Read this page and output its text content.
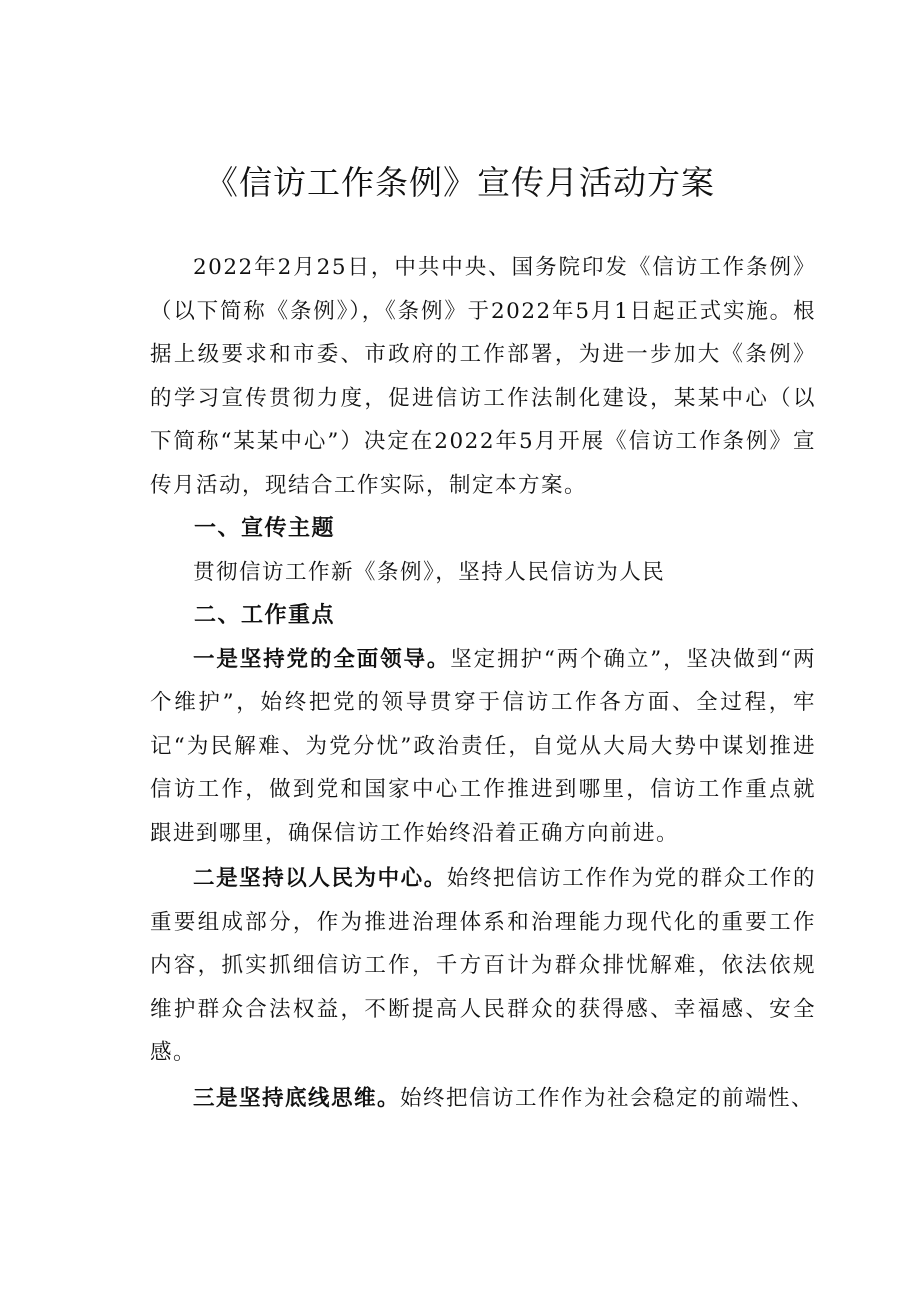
《信访工作条例》宣传月活动方案

2022年2月25日，中共中央、国务院印发《信访工作条例》（以下简称《条例》），《条例》于2022年5月1日起正式实施。根据上级要求和市委、市政府的工作部署，为进一步加大《条例》的学习宣传贯彻力度，促进信访工作法制化建设，某某中心（以下简称“某某中心”）决定在2022年5月开展《信访工作条例》宣传月活动，现结合工作实际，制定本方案。

一、宣传主题

贯彻信访工作新《条例》，坚持人民信访为人民

二、工作重点

一是坚持党的全面领导。坚定拥护“两个确立”，坚决做到“两个维护”，始终把党的领导贯穿于信访工作各方面、全过程，牢记“为民解难、为党分忧”政治责任，自觉从大局大势中谋划推进信访工作，做到党和国家中心工作推进到哪里，信访工作重点就跟进到哪里，确保信访工作始终沿着正确方向前进。

二是坚持以人民为中心。始终把信访工作作为党的群众工作的重要组成部分，作为推进治理体系和治理能力现代化的重要工作内容，抓实抓细信访工作，千方百计为群众排忧解难，依法依规维护群众合法权益，不断提高人民群众的获得感、幸福感、安全感。

三是坚持底线思维。始终把信访工作作为社会稳定的前端性、
